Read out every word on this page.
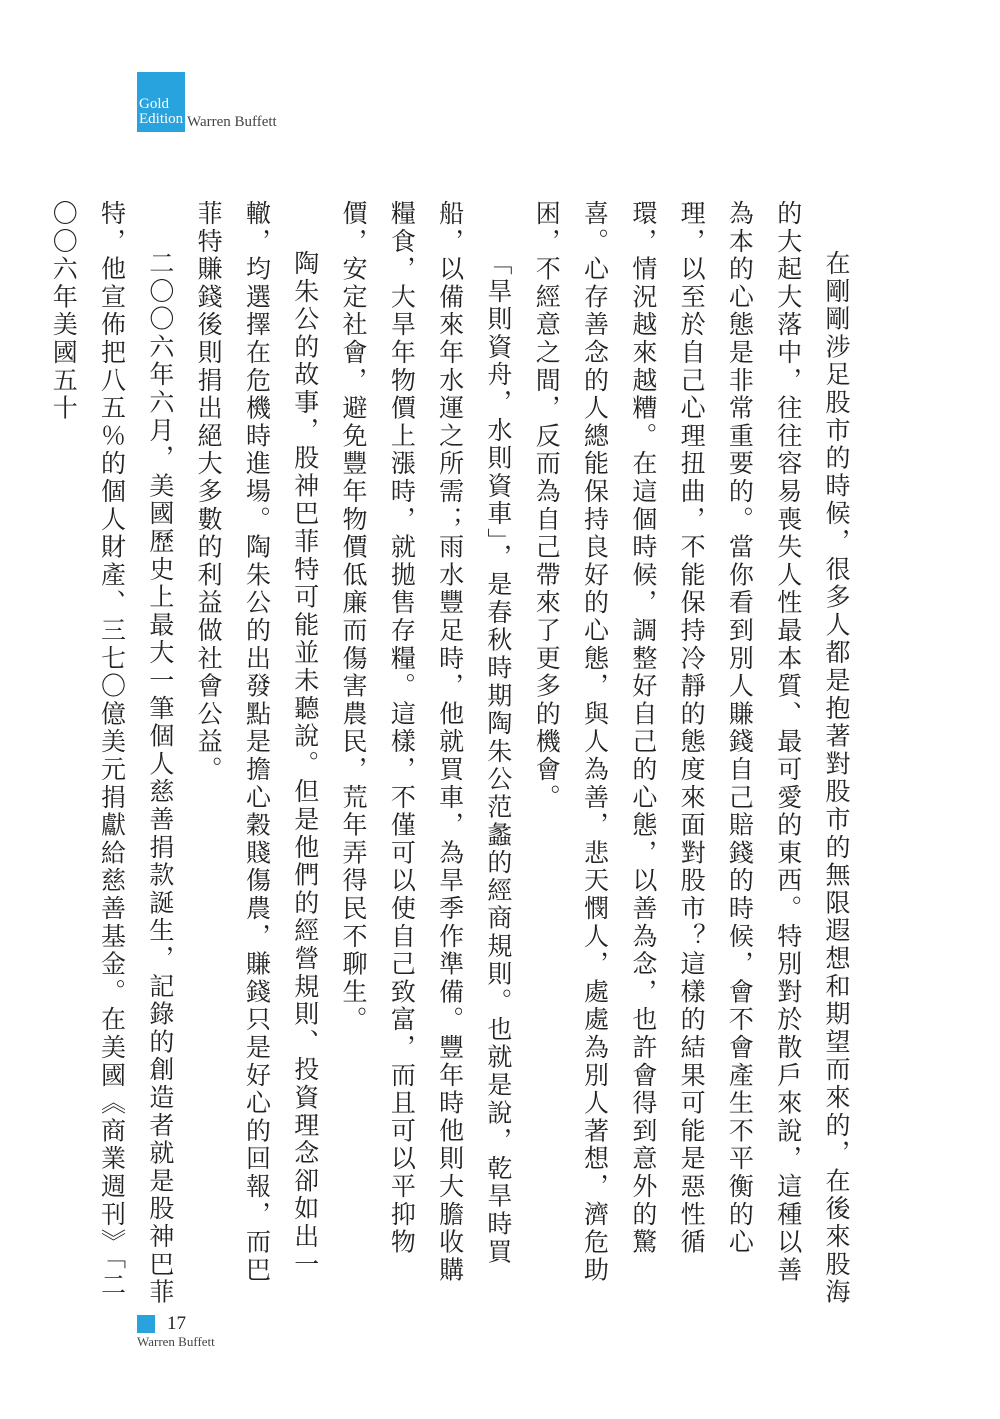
Gold
Edition Warren Buffett

在剛剛涉足股市的時候，很多人都是抱著對股市的無限遐想和期望而來的，在後來股海的大起大落中，往往容易喪失人性最本質、最可愛的東西。特別對於散戶來說，這種以善為本的心態是非常重要的。當你看到別人賺錢自己賠錢的時候，會不會產生不平衡的心理，以至於自己心理扭曲，不能保持冷靜的態度來面對股市？這樣的結果可能是惡性循環，情況越來越糟。在這個時候，調整好自己的心態，以善為念，也許會得到意外的驚喜。心存善念的人總能保持良好的心態，與人為善，悲天憫人，處處為別人著想，濟危助困，不經意之間，反而為自己帶來了更多的機會。

「旱則資舟，水則資車」，是春秋時期陶朱公范蠡的經商規則。也就是說，乾旱時買船，以備來年水運之所需；雨水豐足時，他就買車，為旱季作準備。豐年時他則大膽收購糧食，大旱年物價上漲時，就拋售存糧。這樣，不僅可以使自己致富，而且可以平抑物價，安定社會，避免豐年物價低廉而傷害農民，荒年弄得民不聊生。

陶朱公的故事，股神巴菲特可能並未聽說。但是他們的經營規則、投資理念卻如出一轍，均選擇在危機時進場。陶朱公的出發點是擔心穀賤傷農，賺錢只是好心的回報，而巴菲特賺錢後則捐出絕大多數的利益做社會公益。

二〇〇六年六月，美國歷史上最大一筆個人慈善捐款誕生，記錄的創造者就是股神巴菲特，他宣佈把八五％的個人財產、三七〇億美元捐獻給慈善基金。在美國《商業週刊》「二〇〇六年美國五十

17
Warren Buffett
